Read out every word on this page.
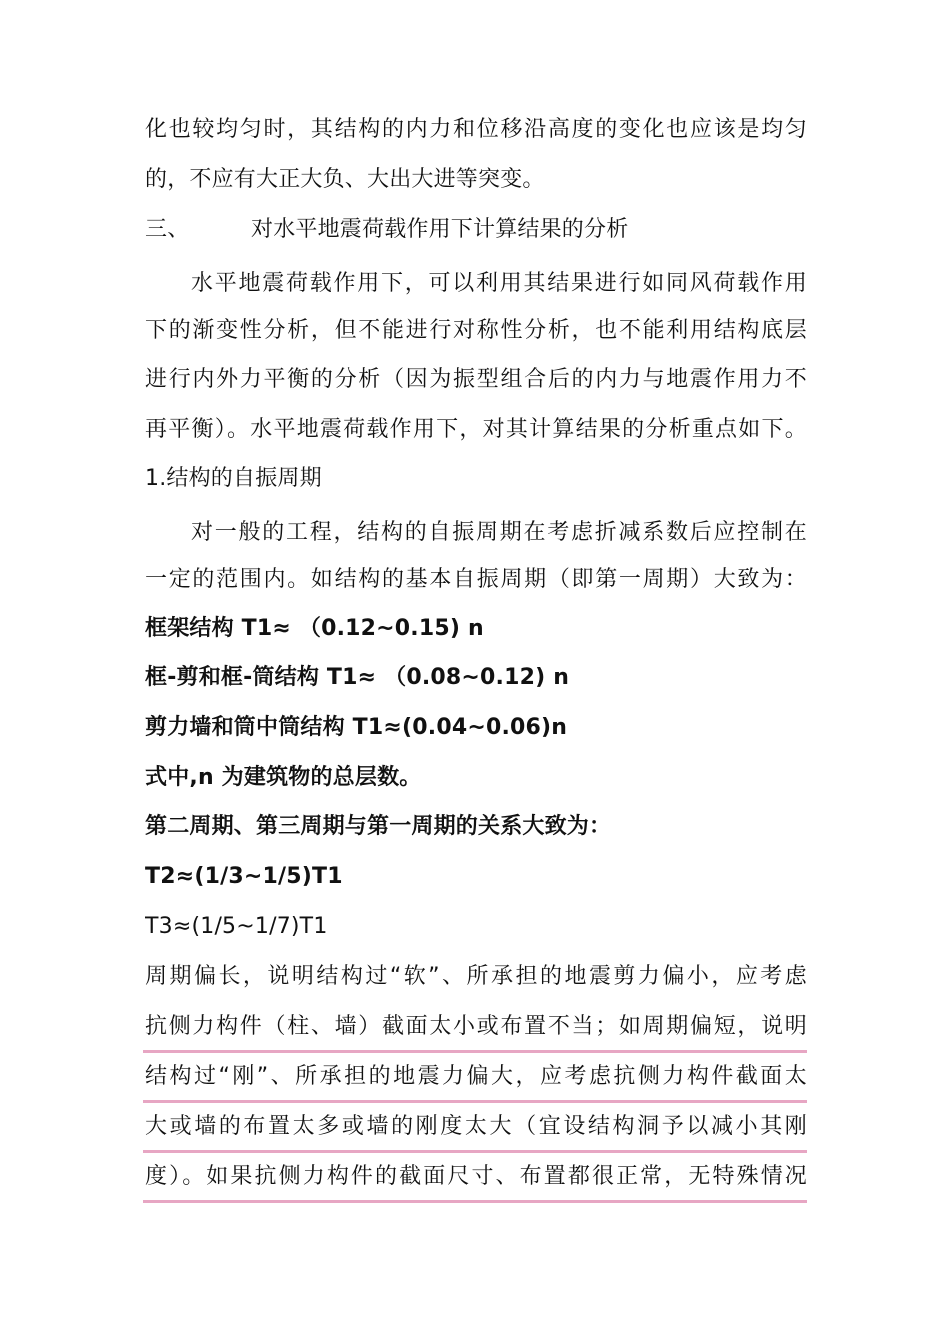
化也较均匀时，其结构的内力和位移沿高度的变化也应该是均匀
的，不应有大正大负、大出大进等突变。
三、	对水平地震荷载作用下计算结果的分析
水平地震荷载作用下，可以利用其结果进行如同风荷载作用
下的渐变性分析，但不能进行对称性分析，也不能利用结构底层
进行内外力平衡的分析（因为振型组合后的内力与地震作用力不
再平衡）。水平地震荷载作用下，对其计算结果的分析重点如下。
1.结构的自振周期
对一般的工程，结构的自振周期在考虑折减系数后应控制在
一定的范围内。如结构的基本自振周期（即第一周期）大致为：
框架结构 T1≈ （0.12~0.15) n
框-剪和框-筒结构 T1≈ （0.08~0.12) n
剪力墙和筒中筒结构 T1≈(0.04~0.06)n
式中,n 为建筑物的总层数。
第二周期、第三周期与第一周期的关系大致为：
T2≈(1/3~1/5)T1
T3≈(1/5~1/7)T1
周期偏长，说明结构过“软”、所承担的地震剪力偏小，应考虑
抗侧力构件（柱、墙）截面太小或布置不当；如周期偏短，说明
结构过“刚”、所承担的地震力偏大，应考虑抗侧力构件截面太
大或墙的布置太多或墙的刚度太大（宜设结构洞予以减小其刚
度）。如果抗侧力构件的截面尺寸、布置都很正常，无特殊情况
